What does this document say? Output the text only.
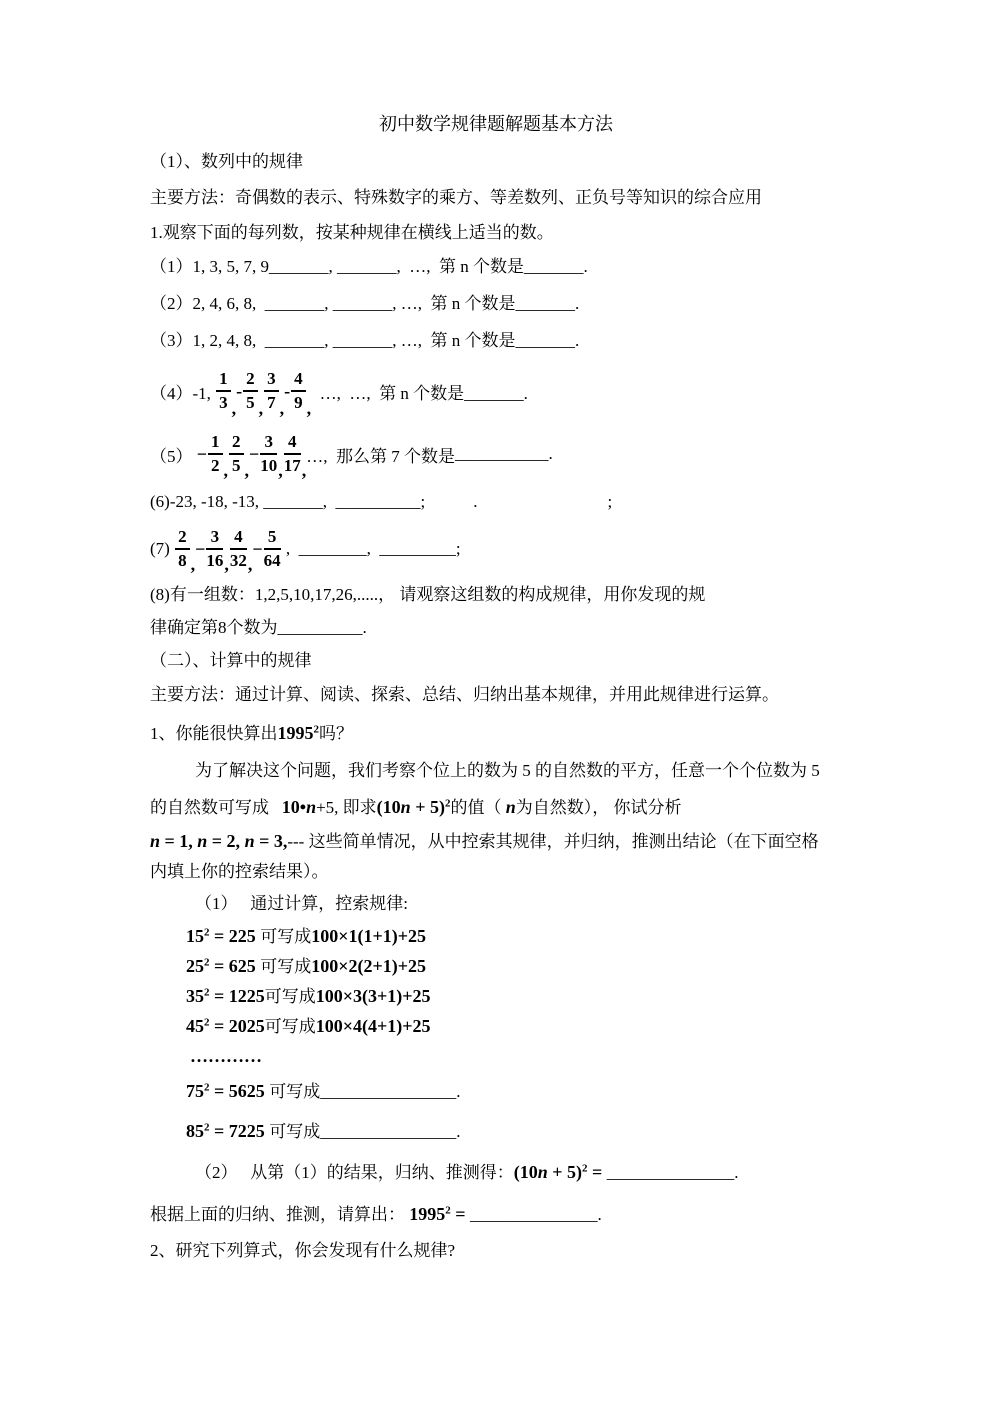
初中数学规律题解题基本方法
（1）、数列中的规律
主要方法：奇偶数的表示、特殊数字的乘方、等差数列、正负号等知识的综合应用
1.观察下面的每列数，按某种规律在横线上适当的数。
（1）1, 3, 5, 7, 9_______, _______,  …,  第 n 个数是_______.
（2）2, 4, 6, 8,  _______, _______, …,  第 n 个数是_______.
（3）1, 2, 4, 8,  _______, _______, …,  第 n 个数是_______.
（4）-1, $\frac{1}{3}$ ,
- $\frac{2}{5}$ , $\frac{3}{7}$ ,
- $\frac{4}{9}$ ,
…,  …,  第 n 个数是_______.
$(5) - \frac{1}{2}$ , $\frac{2}{5}$ ,
− $\frac{3}{10}$ , $\frac{4}{17}$ ,
…,  那么第 7 个数是 ___________.
(6)-23, -18, -13, _______,  __________;	.	;
$(7) \frac{2}{8}$ ,
− $\frac{3}{16}$ , $\frac{4}{32}$ ,
− $\frac{5}{64}$ ,  ________,  _________;
(8)有一组数：1,2,5,10,17,26,.....， 请观察这组数的构成规律，用你发现的规
律确定第8个数为__________.
（二）、计算中的规律
主要方法：通过计算、阅读、探索、总结、归纳出基本规律，并用此规律进行运算。
1、你能很快算出1995$^2$吗？
为了解决这个问题，我们考察个位上的数为 5 的自然数的平方，任意一个个位数为 5
的自然数可写成   10•n+5, 即求$(10n + 5)^2$的值（ n为自然数）， 你试分析
n = 1, n = 2, n = 3,--- 这些简单情况，从中控索其规律，并归纳，推测出结论（在下面空格
内填上你的控索结果）。
（1）　 通过计算，控索规律:
$15^2 = 225$ 可写成100×1(1+1)+25
$25^2 = 625$ 可写成100×2(2+1)+25
$35^2 = 1225$可写成100×3(3+1)+25
$45^2 = 2025$可写成100×4(4+1)+25
…………
$75^2 = 5625$ 可写成________________.
$85^2 = 7225$ 可写成________________.
（2）　 从第（1）的结果，归纳、推测得：$(10n + 5)^2$ = _______________.
根据上面的归纳、推测，请算出： $1995^2$ = _______________.
2、研究下列算式，你会发现有什么规律?
